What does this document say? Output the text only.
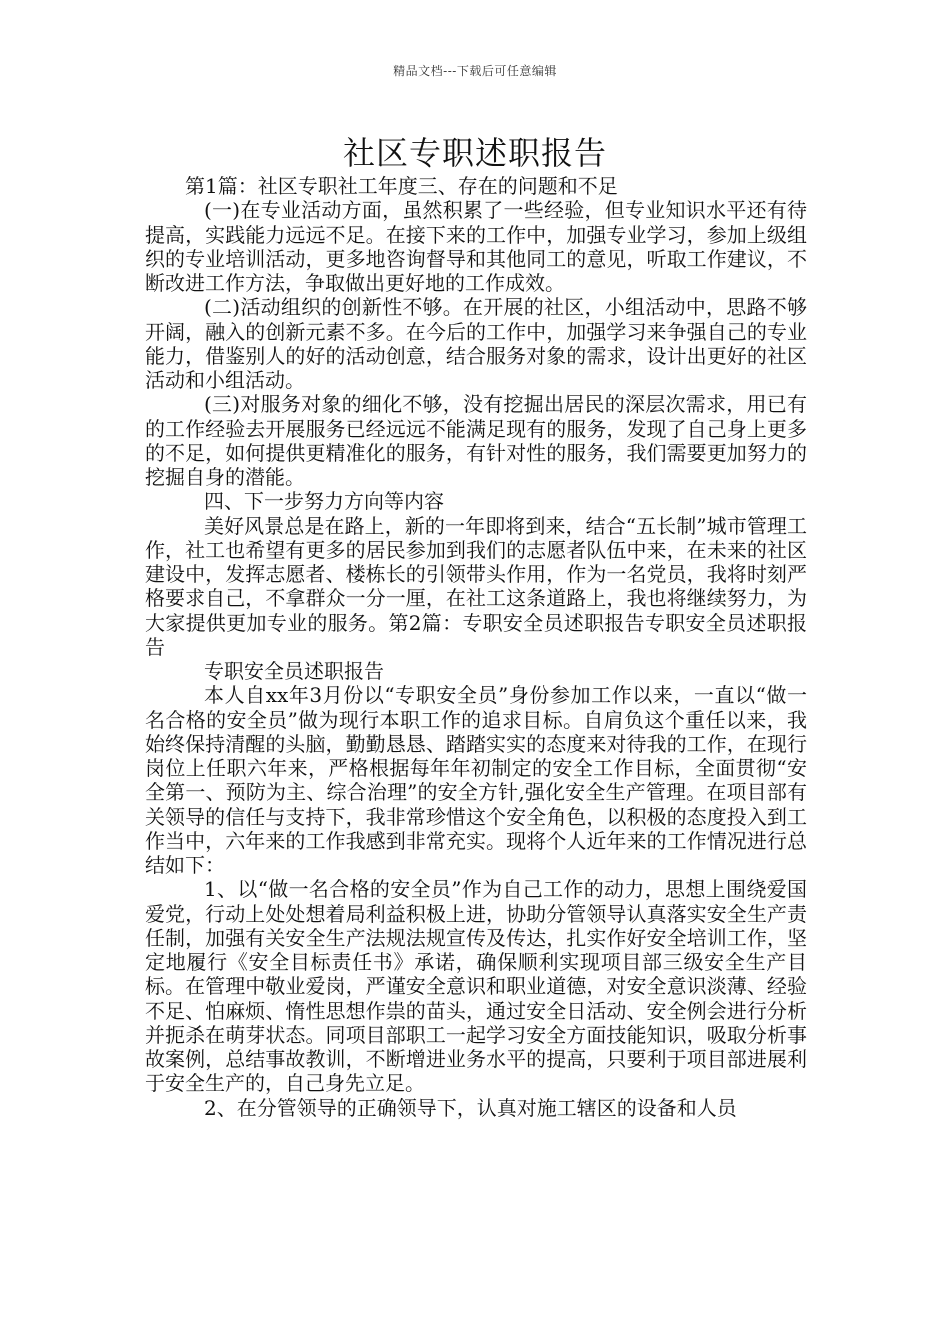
精品文档---下载后可任意编辑
社区专职述职报告

第1篇：社区专职社工年度三、存在的问题和不足

(一)在专业活动方面，虽然积累了一些经验，但专业知识水平还有待提高，实践能力远远不足。在接下来的工作中，加强专业学习，参加上级组织的专业培训活动，更多地咨询督导和其他同工的意见，听取工作建议，不断改进工作方法，争取做出更好地的工作成效。

(二)活动组织的创新性不够。在开展的社区，小组活动中，思路不够开阔，融入的创新元素不多。在今后的工作中，加强学习来争强自己的专业能力，借鉴别人的好的活动创意，结合服务对象的需求，设计出更好的社区活动和小组活动。

(三)对服务对象的细化不够，没有挖掘出居民的深层次需求，用已有的工作经验去开展服务已经远远不能满足现有的服务，发现了自己身上更多的不足，如何提供更精准化的服务，有针对性的服务，我们需要更加努力的挖掘自身的潜能。

四、下一步努力方向等内容

美好风景总是在路上，新的一年即将到来，结合“五长制”城市管理工作，社工也希望有更多的居民参加到我们的志愿者队伍中来，在未来的社区建设中，发挥志愿者、楼栋长的引领带头作用，作为一名党员，我将时刻严格要求自己，不拿群众一分一厘，在社工这条道路上，我也将继续努力，为大家提供更加专业的服务。第2篇：专职安全员述职报告专职安全员述职报告

专职安全员述职报告

本人自xx年3月份以“专职安全员”身份参加工作以来，一直以“做一名合格的安全员”做为现行本职工作的追求目标。自肩负这个重任以来，我始终保持清醒的头脑，勤勤恳恳、踏踏实实的态度来对待我的工作，在现行岗位上任职六年来，严格根据每年年初制定的安全工作目标，全面贯彻“安全第一、预防为主、综合治理”的安全方针,强化安全生产管理。在项目部有关领导的信任与支持下，我非常珍惜这个安全角色，以积极的态度投入到工作当中，六年来的工作我感到非常充实。现将个人近年来的工作情况进行总结如下：

1、以“做一名合格的安全员”作为自己工作的动力，思想上围绕爱国爱党，行动上处处想着局利益积极上进，协助分管领导认真落实安全生产责任制，加强有关安全生产法规法规宣传及传达，扎实作好安全培训工作，坚定地履行《安全目标责任书》承诺，确保顺利实现项目部三级安全生产目标。在管理中敬业爱岗，严谨安全意识和职业道德，对安全意识淡薄、经验不足、怕麻烦、惰性思想作祟的苗头，通过安全日活动、安全例会进行分析并扼杀在萌芽状态。同项目部职工一起学习安全方面技能知识，吸取分析事故案例，总结事故教训，不断增进业务水平的提高，只要利于项目部进展利于安全生产的，自己身先立足。

2、在分管领导的正确领导下，认真对施工辖区的设备和人员
